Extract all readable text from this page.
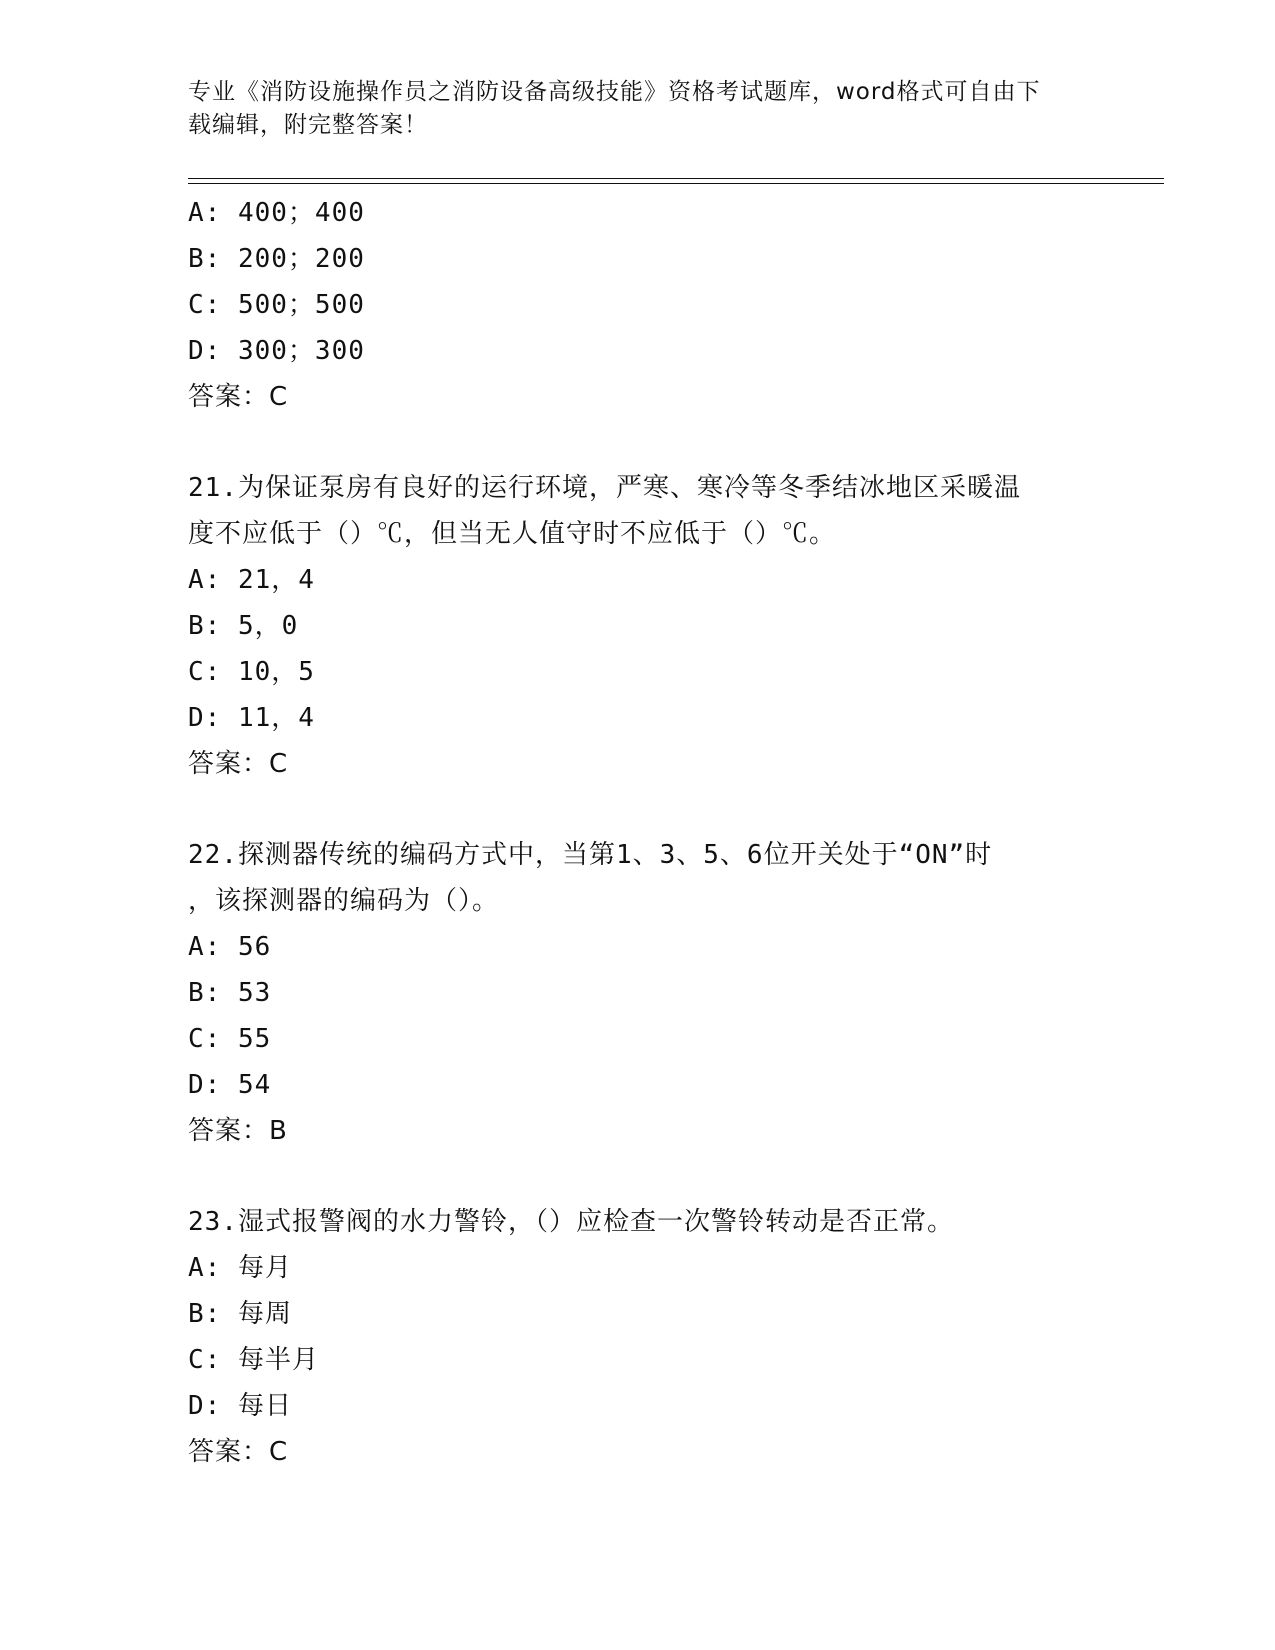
专业《消防设施操作员之消防设备高级技能》资格考试题库，word格式可自由下
载编辑，附完整答案！
A: 400；400
B: 200；200
C: 500；500
D: 300；300
答案：C
21.为保证泵房有良好的运行环境，严寒、寒冷等冬季结冰地区采暖温
度不应低于（）℃，但当无人值守时不应低于（）℃。
A: 21，4
B: 5，0
C: 10，5
D: 11，4
答案：C
22.探测器传统的编码方式中，当第1、3、5、6位开关处于“ON”时
，该探测器的编码为（）。
A: 56
B: 53
C: 55
D: 54
答案：B
23.湿式报警阀的水力警铃，（）应检查一次警铃转动是否正常。
A: 每月
B: 每周
C: 每半月
D: 每日
答案：C
